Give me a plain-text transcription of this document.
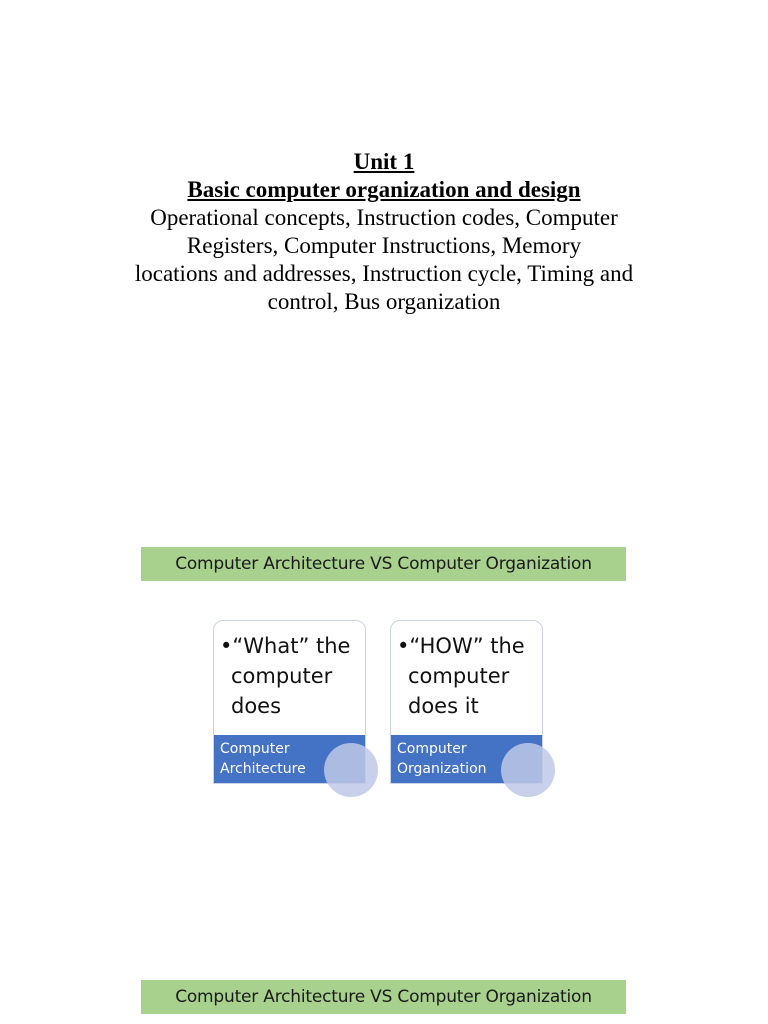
Unit 1
Basic computer organization and design
Operational concepts, Instruction codes, Computer
Registers, Computer Instructions, Memory
locations and addresses, Instruction cycle, Timing and
control, Bus organization
Computer Architecture VS Computer Organization
•“What” the
computer
does
Computer
Architecture
•“HOW” the
computer
does it
Computer
Organization
Computer Architecture VS Computer Organization
